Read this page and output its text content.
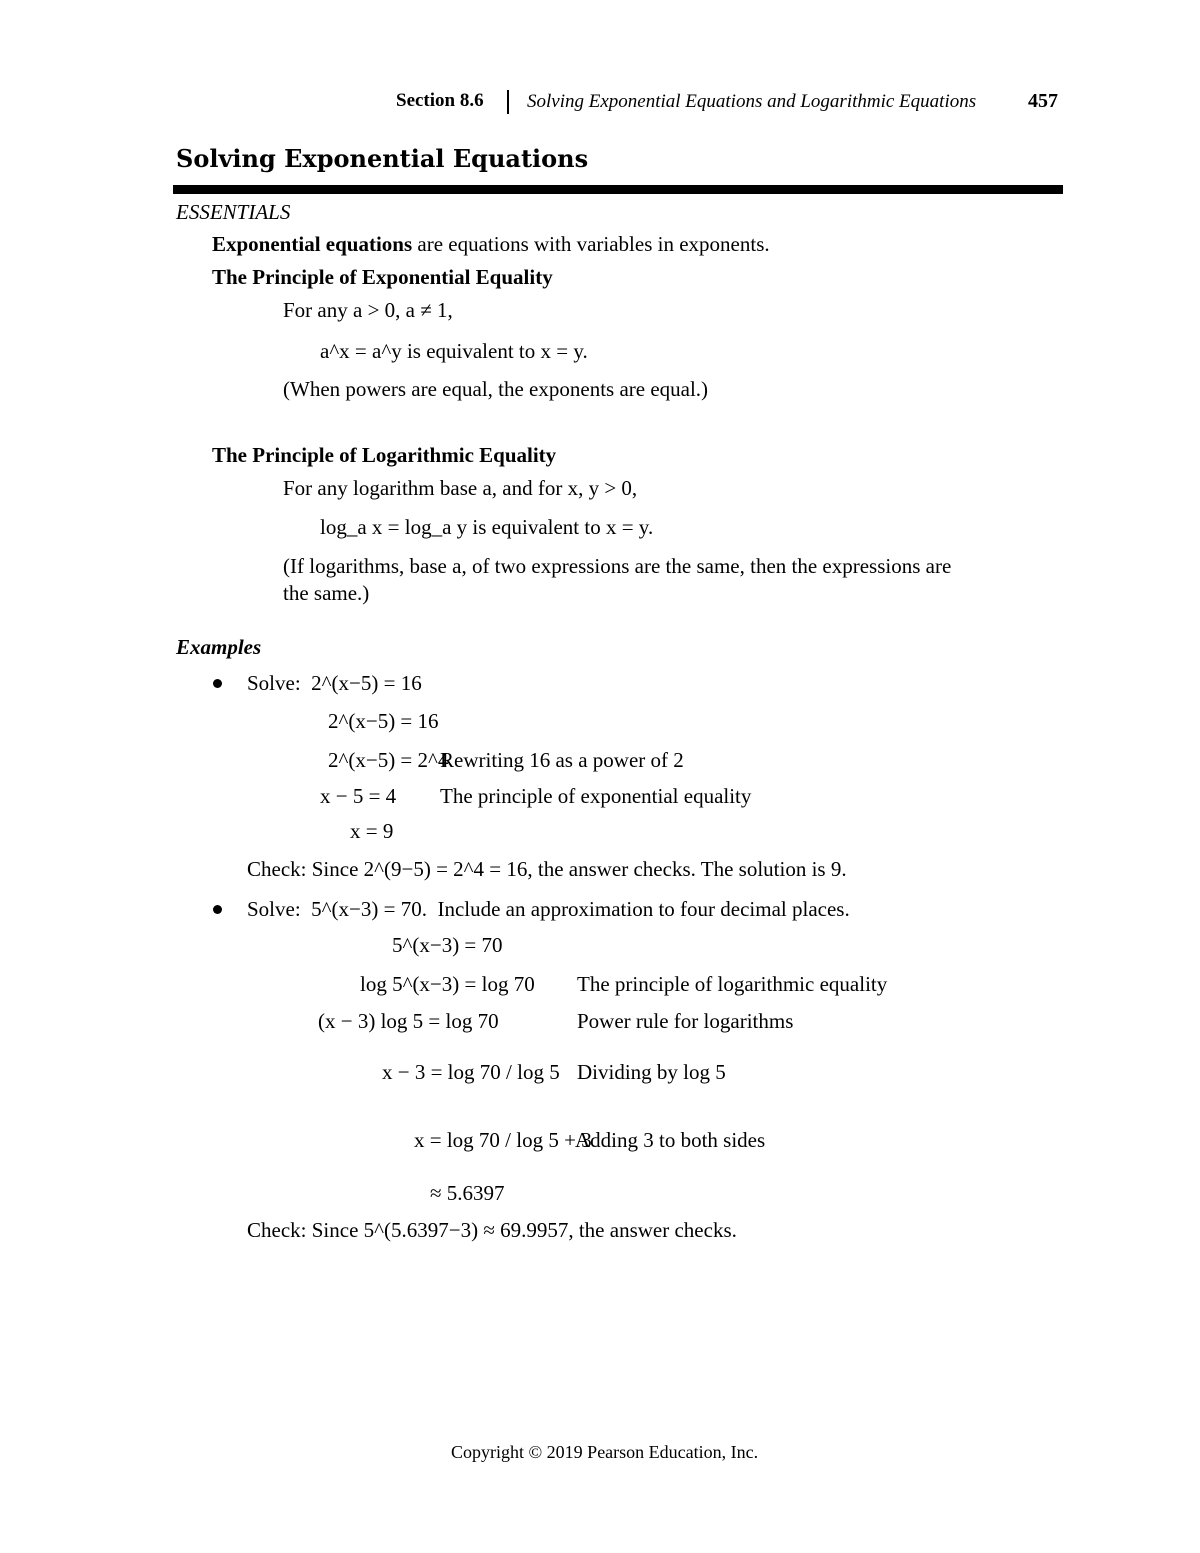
Section 8.6 Solving Exponential Equations and Logarithmic Equations	457
Solving Exponential Equations
ESSENTIALS
Exponential equations are equations with variables in exponents.
The Principle of Exponential Equality
For any a > 0, a ≠ 1,
a^x = a^y is equivalent to x = y.
(When powers are equal, the exponents are equal.)
The Principle of Logarithmic Equality
For any logarithm base a, and for x, y > 0,
log_a x = log_a y is equivalent to x = y.
(If logarithms, base a, of two expressions are the same, then the expressions are
the same.)
Examples
Solve: 2^(x−5) = 16
2^(x−5) = 16
2^(x−5) = 2^4
Rewriting 16 as a power of 2
x − 5 = 4 The principle of exponential equality
x = 9
Check: Since 2^(9−5) = 2^4 = 16, the answer checks. The solution is 9.
Solve: 5^(x−3) = 70.  Include an approximation to four decimal places.
5^(x−3) = 70
log 5^(x−3) = log 70 The principle of logarithmic equality
(x − 3) log 5 = log 70	Power rule for logarithms
x − 3 = log 70 / log 5 Dividing by log 5
x = log 70 / log 5 + 3
Adding 3 to both sides
≈ 5.6397
Check: Since 5^(5.6397−3) ≈ 69.9957, the answer checks.
Copyright © 2019 Pearson Education, Inc.
